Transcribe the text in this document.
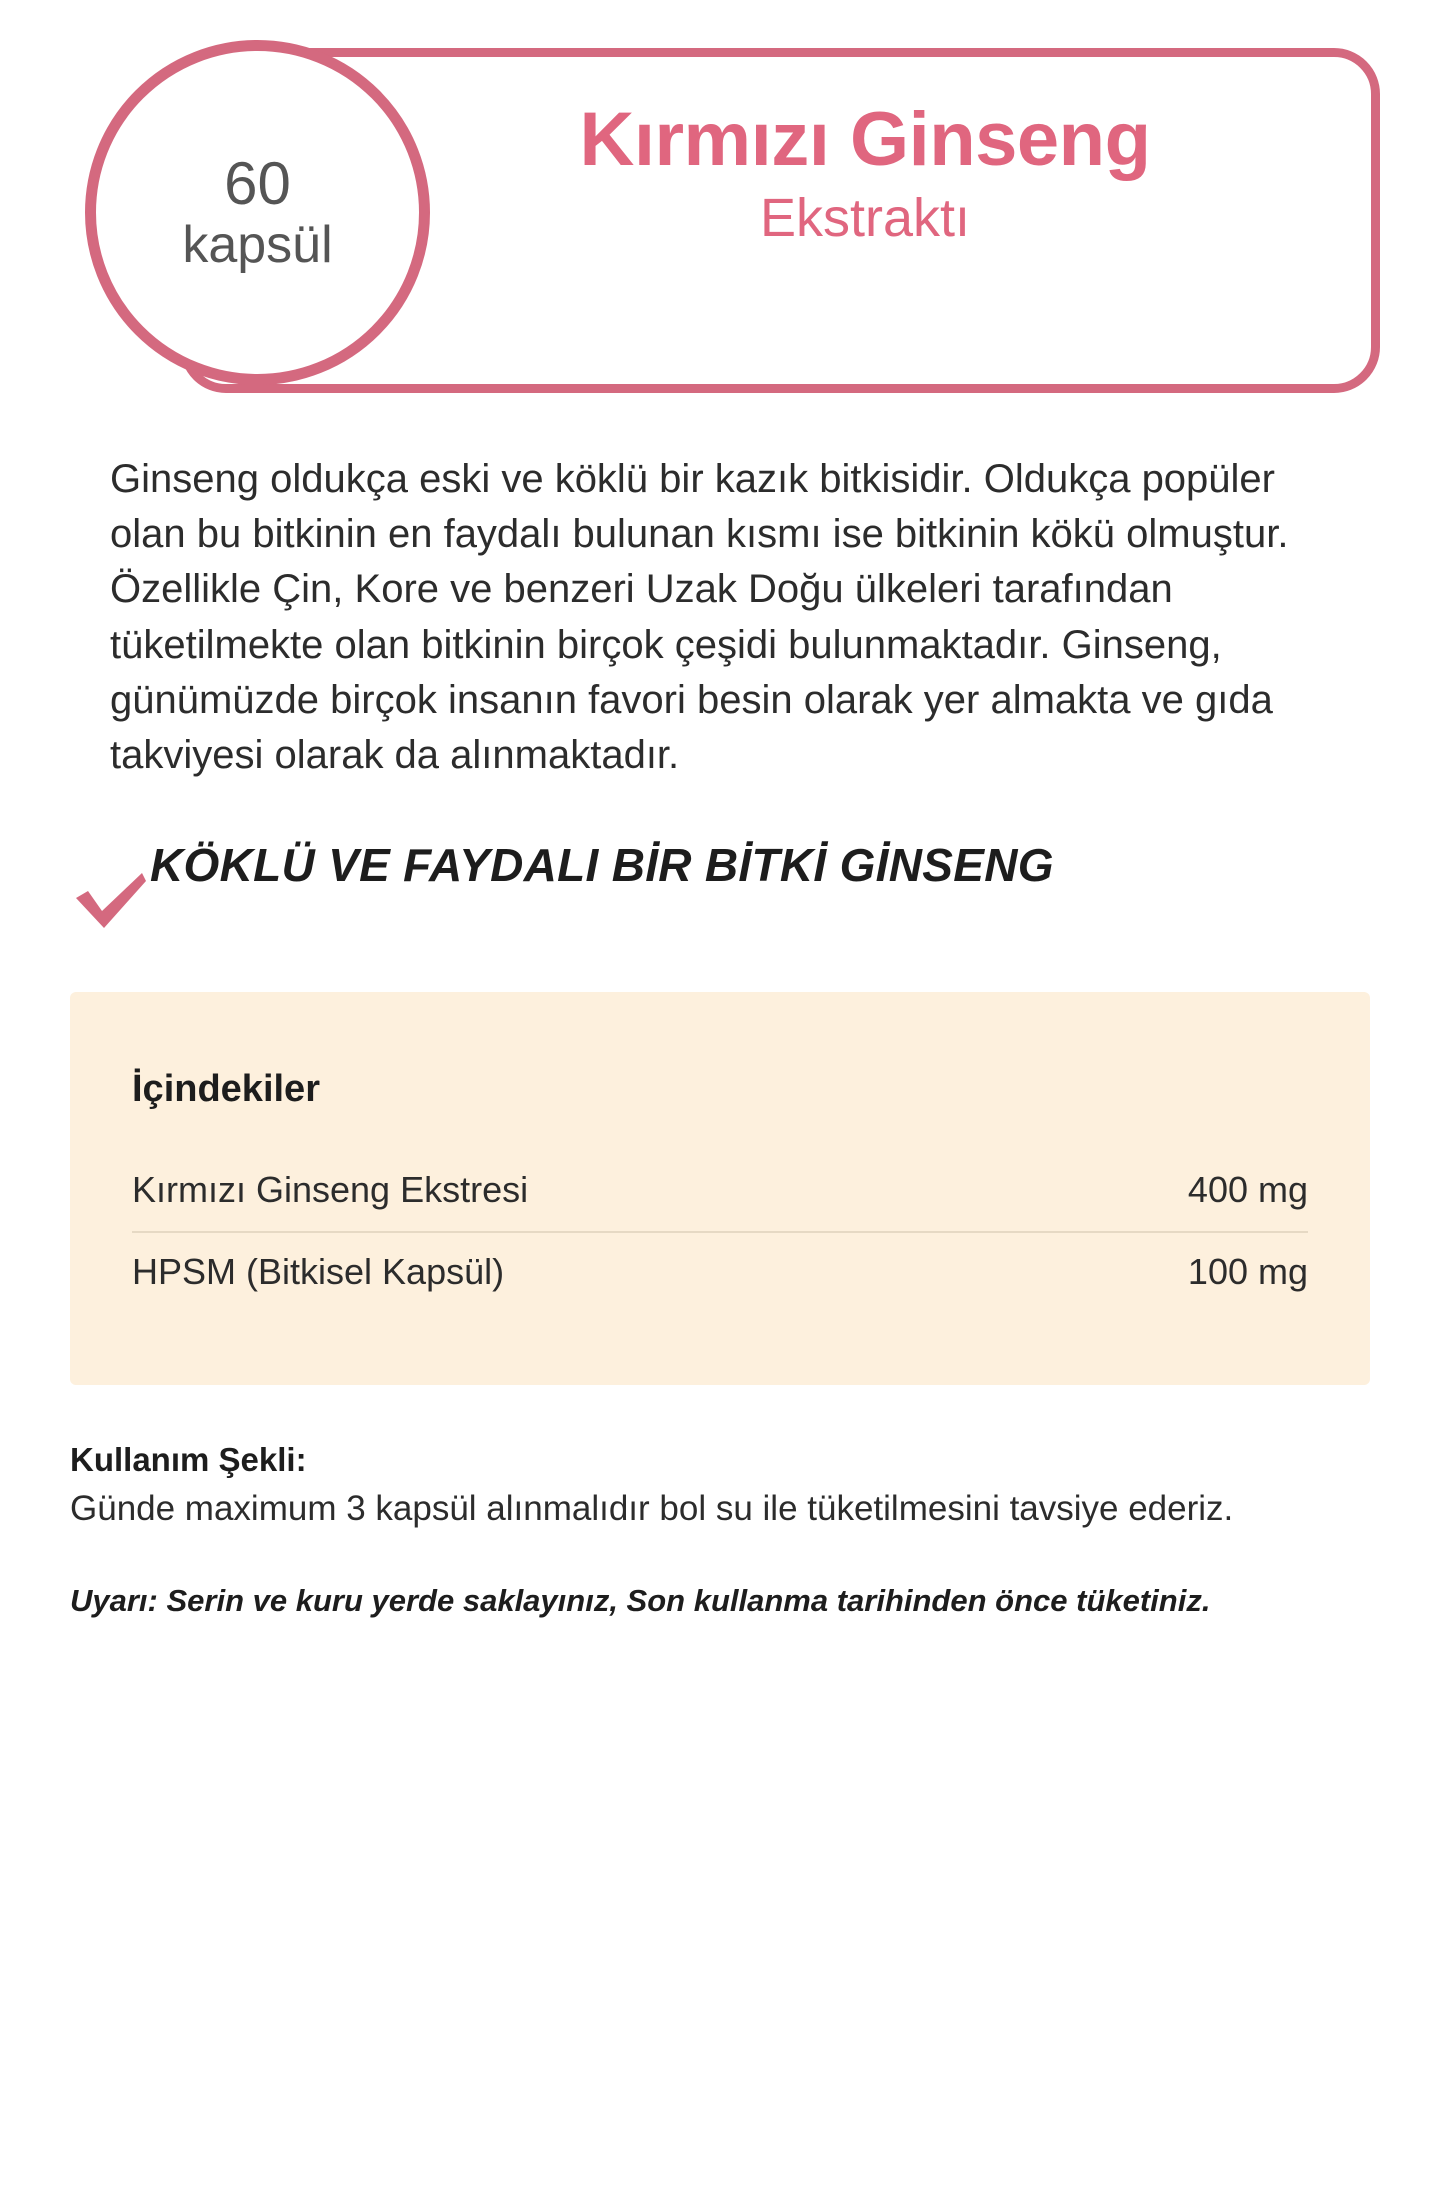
Kırmızı Ginseng
Ekstraktı
60
kapsül
Ginseng oldukça eski ve köklü bir kazık bitkisidir. Oldukça popüler olan bu bitkinin en faydalı bulunan kısmı ise bitkinin kökü olmuştur. Özellikle Çin, Kore ve benzeri Uzak Doğu ülkeleri tarafından tüketilmekte olan bitkinin birçok çeşidi bulunmaktadır. Ginseng, günümüzde birçok insanın favori besin olarak yer almakta ve gıda takviyesi olarak da alınmaktadır.
KÖKLÜ VE FAYDALI BİR BİTKİ GİNSENG
İçindekiler
Kırmızı Ginseng Ekstresi	400 mg
HPSM (Bitkisel Kapsül)	100 mg
Kullanım Şekli:
Günde maximum 3 kapsül alınmalıdır bol su ile tüketilmesini tavsiye ederiz.
Uyarı: Serin ve kuru yerde saklayınız, Son kullanma tarihinden önce tüketiniz.
